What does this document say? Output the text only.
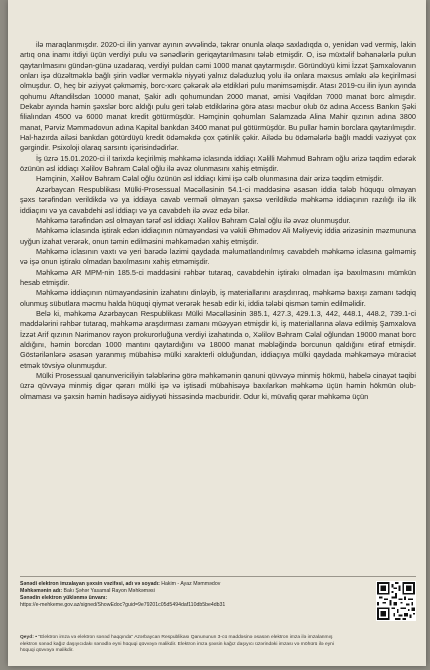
ilə maraqlanmışdır. 2020-ci ilin yanvar ayının əvvəlində, təkrar onunla əlaqə saxladıqda o, yenidən vəd vermiş, lakin artıq ona inamı itdiyi üçün verdiyi pulu və sənədlərin geriqaytarılmasını tələb etmişdir. O, isə müxtəlif bəhanələrlə pulun qaytarılmasını gündən-günə uzadaraq, verdiyi puldan cəmi 1000 manat qaytarmışdır. Göründüyü kimi İzzət Şamxalovanın onları işə düzəltməklə bağlı şirin vədlər verməklə niyyəti yalnız dələduzluq yolu ilə onlara məxsus əmlakı ələ keçirilməsi olmuşdur. O, heç bir əziyyət çəkməmiş, borc-xərc çəkərək ələ etdikləri pulu mənimsəmişdir. Atası 2019-cu ilin iyun ayında qohumu Aftandilsdən 10000 manat, Şakir adlı qohumundan 2000 manat, əmisi Vaqifdən 7000 manat borc almışdır. Dekabr ayında həmin şəxslər borc aldığı pulu geri tələb etdiklərinə görə atası məcbur olub öz adına Access Bankın Şəki filialından 4500 və 6000 manat kredit götürmüşdür. Həmçinin qohumları Salamzadə Alina Mahir qızının adına 3800 manat, Pərviz Məmmədovun adına Kapital bankdan 3400 manat pul götürmüşdür. Bu pullar həmin borclara qaytarılmışdır. Hal-hazırda ailəsi bankdan götürdüyü kredit ödəməkdə çox çətinlik çəkir. Ailədə bu ödəmələrlə bağlı maddi vəziyyət çox gərgindir. Psixoloji olaraq sarsıntı içərisindədirlər.

İş üzrə 15.01.2020-ci il tarixdə keçirilmiş məhkəmə iclasında iddiaçı Xəlilli Məhmud Bəhram oğlu ərizə təqdim edərək özünün əsl iddiaçı Xəlilov Bəhram Cəlal oğlu ilə əvəz olunmasını xahiş etmişdir.

Həmçinin, Xəlilov Bəhram Cəlal oğlu özünün əsl iddiaçı kimi işə cəlb olunmasına dair ərizə təqdim etmişdir.

Azərbaycan Respublikası Mülki-Prosessual Məcəlləsinin 54.1-ci maddəsinə əsasən iddia tələb hüququ olmayan şəxs tərəfindən verildikdə və ya iddiaya cavab verməli olmayan şəxsə verildikdə məhkəmə iddiaçının razılığı ilə ilk iddiaçını və ya cavabdehi əsl iddiaçı və ya cavabdeh ilə əvəz edə bilər.

Məhkəmə tərəfindən əsl olmayan tərəf əsl iddiaçı Xəlilov Bəhram Cəlal oğlu ilə əvəz olunmuşdur.

Məhkəmə iclasında iştirak edən iddiaçının nümayəndəsi və vəkili Əhmədov Ali Məliyeviç iddia ərizəsinin məzmununa uyğun izahat verərək, onun təmin edilməsini məhkəmədən xahiş etmişdir.

Məhkəmə iclasının vaxtı və yeri barədə lazimi qaydada məlumatlandırılmış cavabdeh məhkəmə iclasına gəlməmiş və işə onun iştirakı olmadan baxılmasını xahiş etməmişdir.

Məhkəmə AR MPM-nin 185.5-ci maddəsini rəhbər tutaraq, cavabdehin iştirakı olmadan işə baxılmasını mümkün hesab etmişdir.

Məhkəmə iddiaçının nümayəndəsinin izahatını dinləyib, iş materiallarını araşdırıraq, məhkəmə baxışı zamanı tədqiq olunmuş sübutlara məcmu halda hüquqi qiymət verərək hesab edir ki, iddia tələbi qismən təmin edilməlidir.

Belə ki, məhkəmə Azərbaycan Respublikası Mülki Məcəlləsinin 385.1, 427.3, 429.1.3, 442, 448.1, 448.2, 739.1-ci maddələrini rəhbər tutaraq, məhkəmə araşdırması zamanı müəyyən etmişdir ki, iş materiallarına əlavə edilmiş Şamxalova İzzət Arif qızının Nərimanov rayon prokurorluğuna verdiyi izahatında o, Xəlilov Bəhram Cəlal oğlundan 19000 manat borc aldığını, həmin borcdan 1000 mantını qaytardığını və 18000 manat məbləğində borcunun qaldığını etiraf etmişdir. Göstərilənlərə əsasən yaranmış mübahisə mülki xarakterli olduğundan, iddiaçıya mülki qaydada məhkəməyə müraciət etmək tövsiyə olunmuşdur.

Mülki Prosessual qanunvericiliyin tələblərinə görə məhkəmənin qanuni qüvvəyə minmiş hökmü, habelə cinayət təqibi üzrə qüvvəyə minmiş digər qərarı mülki işə və iştisadi mübahisəyə baxılarkən məhkəmə üçün həmin hökmün olub-olmaması və şəxsin həmin hadisəyə aidiyyəti hissəsində məcburidir. Odur ki, müvafiq qərar məhkəmə üçün

Sənədi elektron imzalayan şəxsin vəzifəsi, adı və soyadı: Hakim - Ayaz Məmmədov
Məhkəmənin adı: Bakı Şəhər Yasamal Rayon Məhkəməsi
Sənədin elektron yüklənmə ünvanı:
https://e-mehkeme.gov.az/signed/ShowEdoc?guid=9e79201c05d5494daf110db5be4db31
Qeyd: • "Elektron imza və elektron sənəd haqqında" Azərbaycan Respublikası Qanununun 3-cü maddəsinə əsasən elektron imza ilə imzalanmış elektron sənəd kağız daşıyıcıdakı sənədlə eyni hüquqi qüvvəyə malikdir. Elektron imza şəxsin kağız daşıyıcı üzərindəki imzası və möhürü ilə eyni hüquqi qüvvəyə malikdir.
